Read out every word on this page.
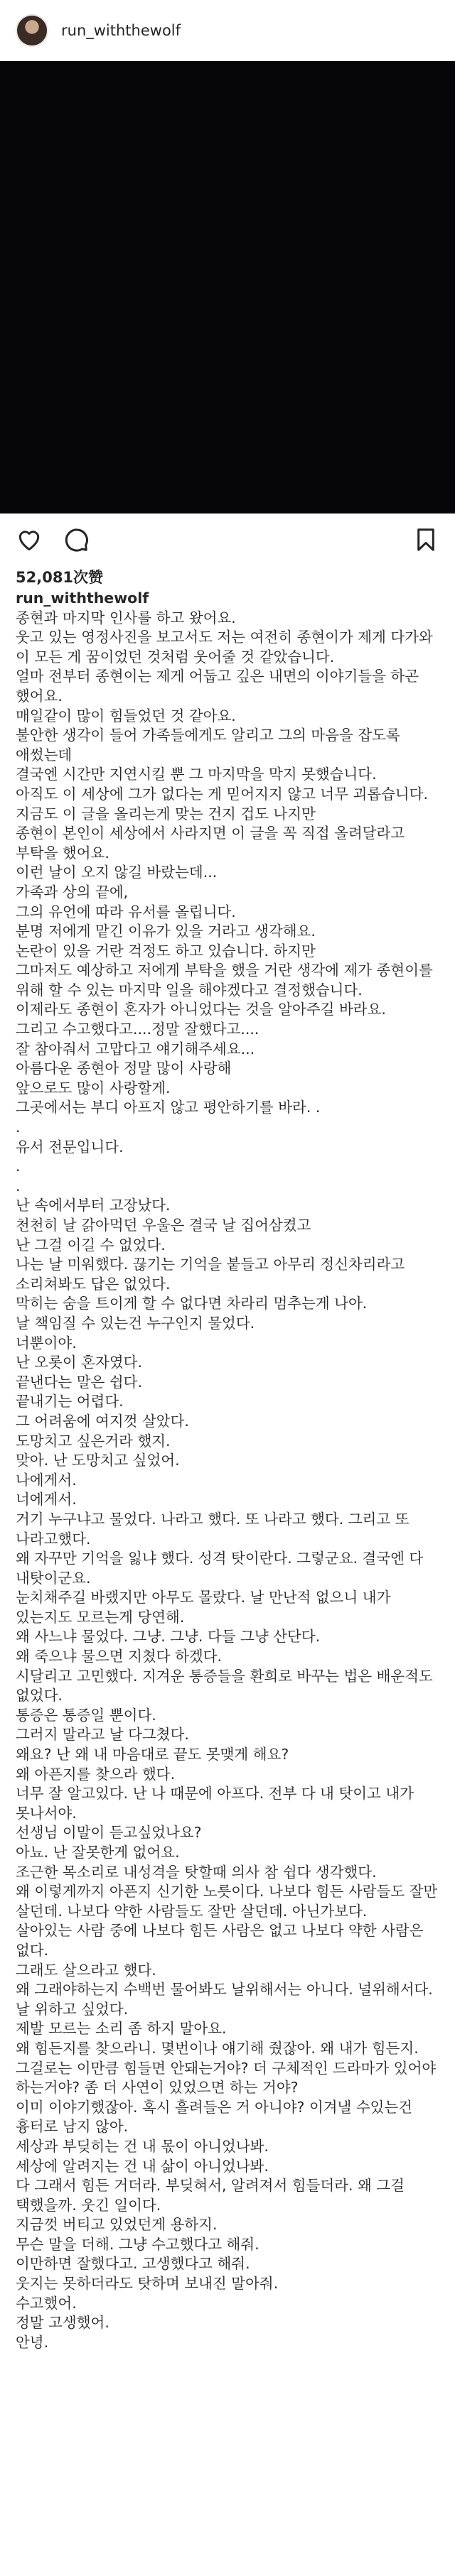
run_withthewolf
52,081次赞
run_withthewolf
종현과 마지막 인사를 하고 왔어요.
웃고 있는 영정사진을 보고서도 저는 여전히 종현이가 제게 다가와 이 모든 게 꿈이었던 것처럼 웃어줄 것 같았습니다.
얼마 전부터 종현이는 제게 어둡고 깊은 내면의 이야기들을 하곤 했어요.
매일같이 많이 힘들었던 것 같아요.
불안한 생각이 들어 가족들에게도 알리고 그의 마음을 잡도록 애썼는데
결국엔 시간만 지연시킬 뿐 그 마지막을 막지 못했습니다.
아직도 이 세상에 그가 없다는 게 믿어지지 않고 너무 괴롭습니다.
지금도 이 글을 올리는게 맞는 건지 겁도 나지만
종현이 본인이 세상에서 사라지면 이 글을 꼭 직접 올려달라고 부탁을 했어요.
이런 날이 오지 않길 바랐는데...
가족과 상의 끝에,
그의 유언에 따라 유서를 올립니다.
분명 저에게 맡긴 이유가 있을 거라고 생각해요.
논란이 있을 거란 걱정도 하고 있습니다. 하지만
그마저도 예상하고 저에게 부탁을 했을 거란 생각에 제가 종현이를 위해 할 수 있는 마지막 일을 해야겠다고 결정했습니다.
이제라도 종현이 혼자가 아니었다는 것을 알아주길 바라요.
그리고 수고했다고....정말 잘했다고....
잘 참아줘서 고맙다고 얘기해주세요...
아름다운 종현아 정말 많이 사랑해
앞으로도 많이 사랑할게.
그곳에서는 부디 아프지 않고 평안하기를 바라. .
.
유서 전문입니다.
.
.
난 속에서부터 고장났다.
천천히 날 갉아먹던 우울은 결국 날 집어삼켰고
난 그걸 이길 수 없었다.
나는 날 미워했다. 끊기는 기억을 붙들고 아무리 정신차리라고 소리쳐봐도 답은 없었다.
막히는 숨을 트이게 할 수 없다면 차라리 멈추는게 나아.
날 책임질 수 있는건 누구인지 물었다.
너뿐이야.
난 오롯이 혼자였다.
끝낸다는 말은 쉽다.
끝내기는 어렵다.
그 어려움에 여지껏 살았다.
도망치고 싶은거라 했지.
맞아. 난 도망치고 싶었어.
나에게서.
너에게서.
거기 누구냐고 물었다. 나라고 했다. 또 나라고 했다. 그리고 또 나라고했다.
왜 자꾸만 기억을 잃냐 했다. 성격 탓이란다. 그렇군요. 결국엔 다 내탓이군요.
눈치채주길 바랬지만 아무도 몰랐다. 날 만난적 없으니 내가 있는지도 모르는게 당연해.
왜 사느냐 물었다. 그냥. 그냥. 다들 그냥 산단다.
왜 죽으냐 물으면 지쳤다 하겠다.
시달리고 고민했다. 지겨운 통증들을 환희로 바꾸는 법은 배운적도 없었다.
통증은 통증일 뿐이다.
그러지 말라고 날 다그쳤다.
왜요? 난 왜 내 마음대로 끝도 못맺게 해요?
왜 아픈지를 찾으라 했다.
너무 잘 알고있다. 난 나 때문에 아프다. 전부 다 내 탓이고 내가 못나서야.
선생님 이말이 듣고싶었나요?
아뇨. 난 잘못한게 없어요.
조근한 목소리로 내성격을 탓할때 의사 참 쉽다 생각했다.
왜 이렇게까지 아픈지 신기한 노릇이다. 나보다 힘든 사람들도 잘만 살던데. 나보다 약한 사람들도 잘만 살던데. 아닌가보다.
살아있는 사람 중에 나보다 힘든 사람은 없고 나보다 약한 사람은 없다.
그래도 살으라고 했다.
왜 그래야하는지 수백번 물어봐도 날위해서는 아니다. 널위해서다.
날 위하고 싶었다.
제발 모르는 소리 좀 하지 말아요.
왜 힘든지를 찾으라니. 몇번이나 얘기해 줬잖아. 왜 내가 힘든지. 그걸로는 이만큼 힘들면 안돼는거야? 더 구체적인 드라마가 있어야 하는거야? 좀 더 사연이 있었으면 하는 거야?
이미 이야기했잖아. 혹시 흘려들은 거 아니야? 이겨낼 수있는건 흉터로 남지 않아.
세상과 부딪히는 건 내 몫이 아니었나봐.
세상에 알려지는 건 내 삶이 아니었나봐.
다 그래서 힘든 거더라. 부딪혀서, 알려져서 힘들더라. 왜 그걸 택했을까. 웃긴 일이다.
지금껏 버티고 있었던게 용하지.
무슨 말을 더해. 그냥 수고했다고 해줘.
이만하면 잘했다고. 고생했다고 해줘.
웃지는 못하더라도 탓하며 보내진 말아줘.
수고했어.
정말 고생했어.
안녕.
